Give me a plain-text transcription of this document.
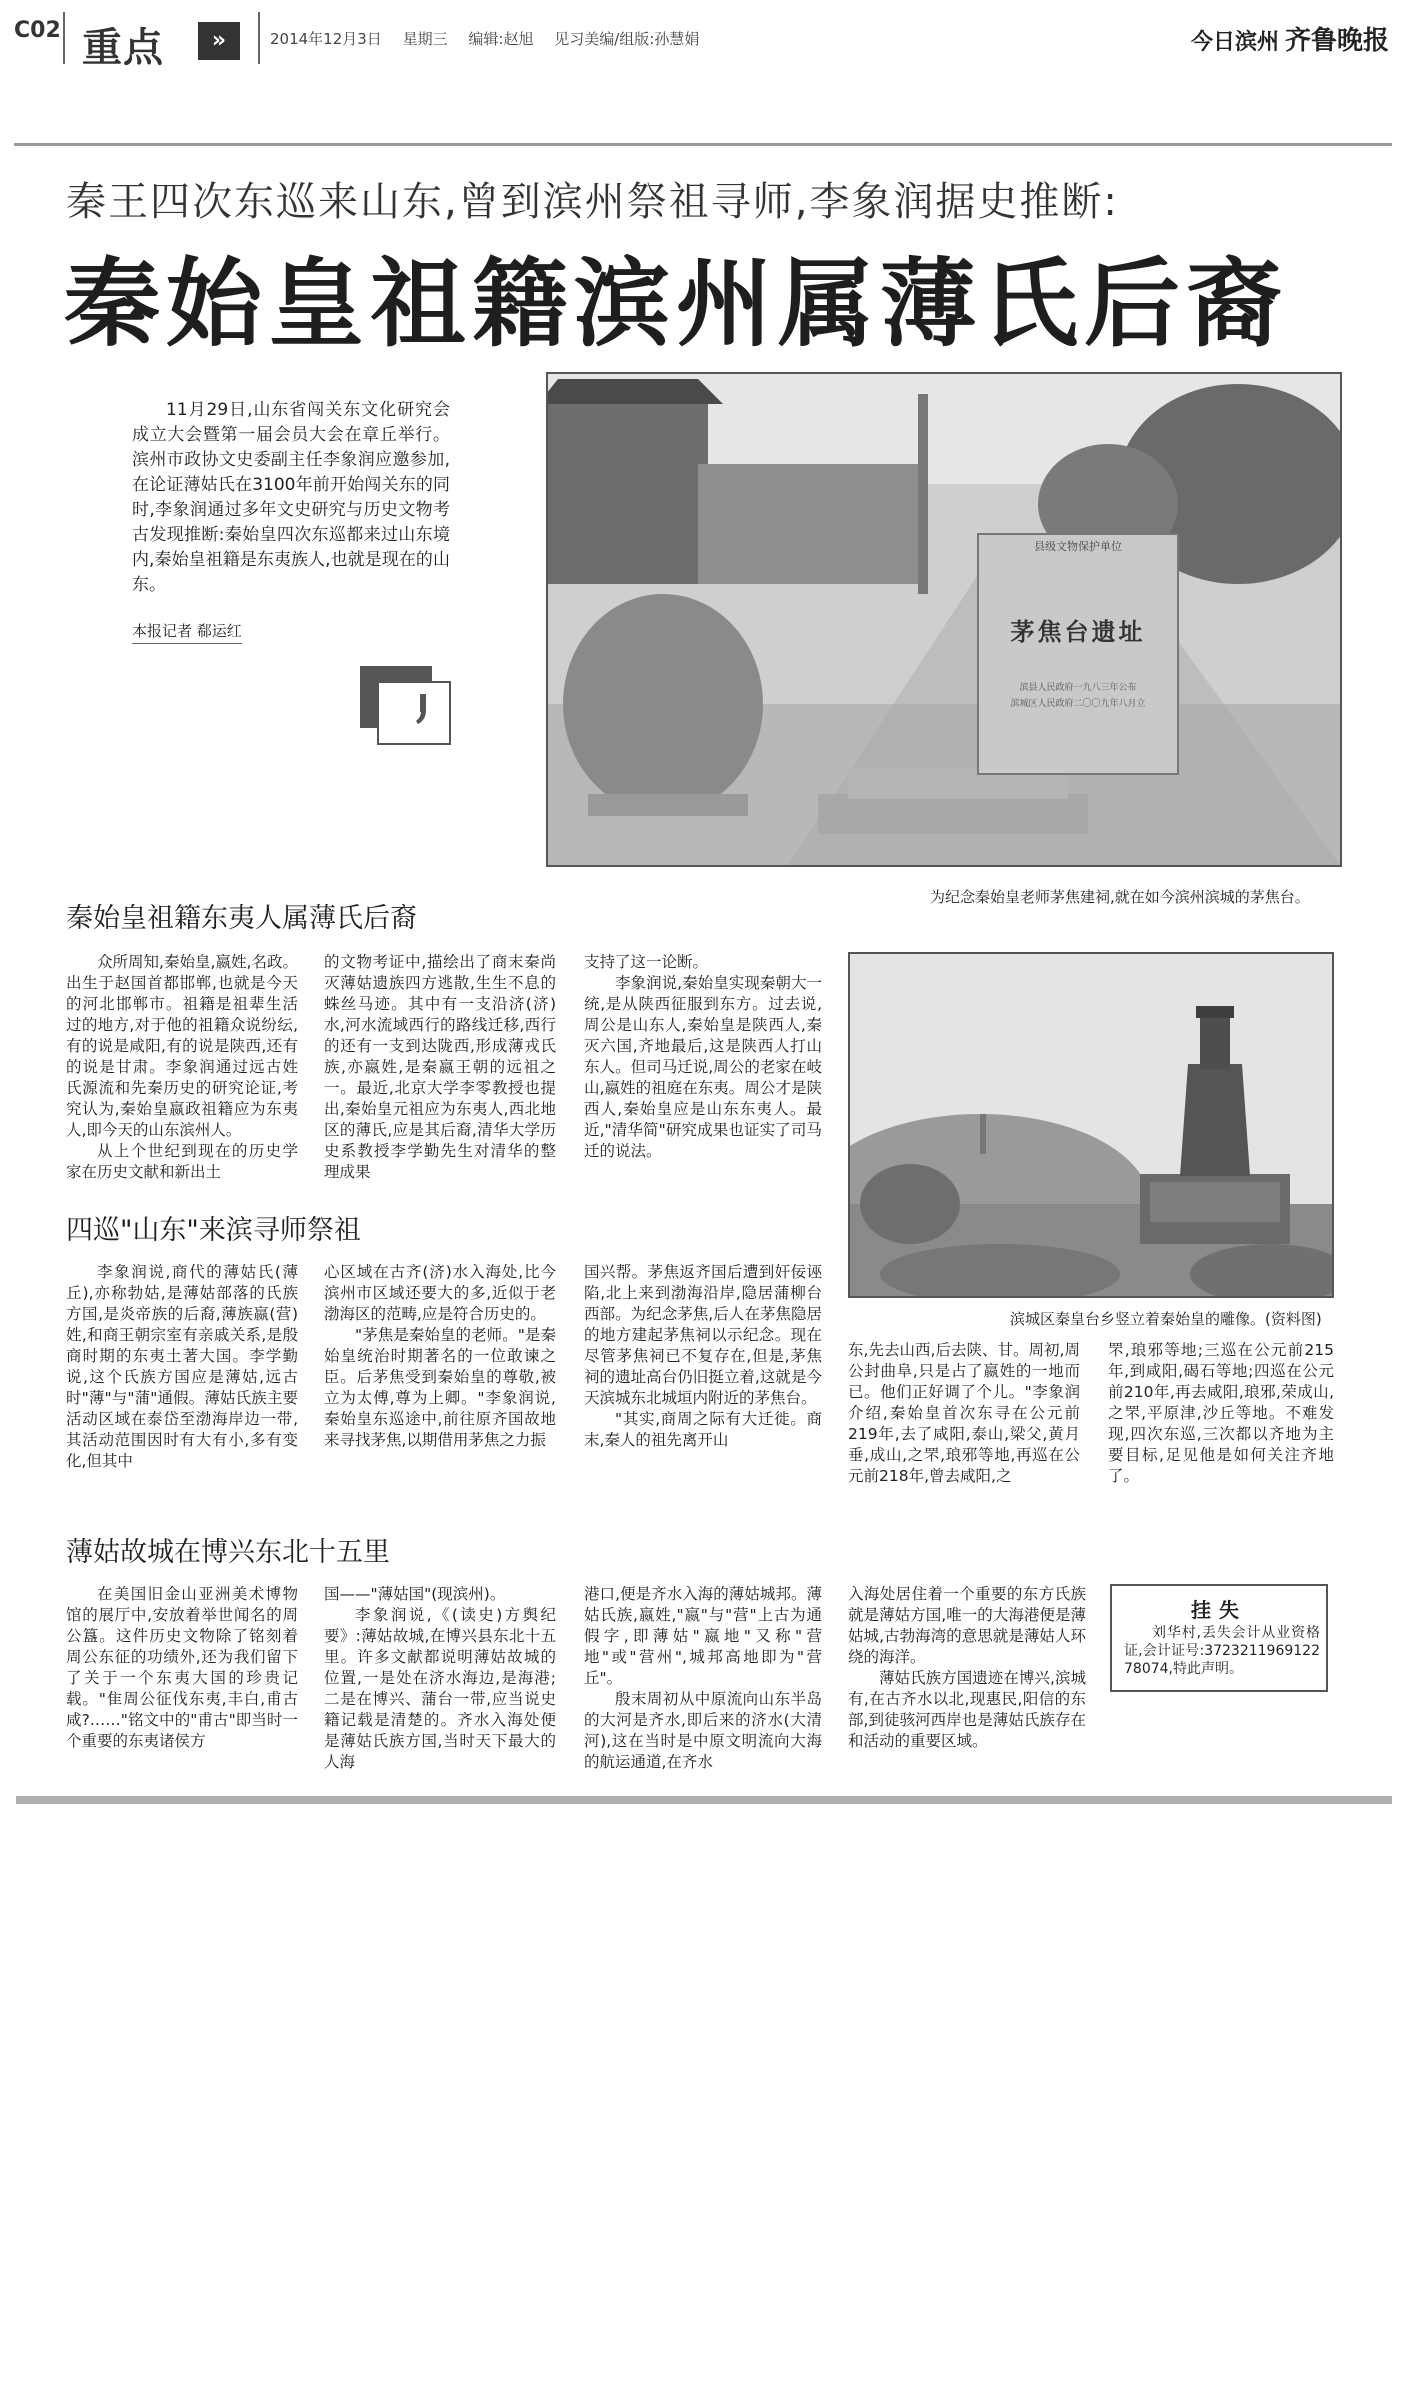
C02 重点	»	2014年12月3日 星期三 编辑:赵旭 见习美编/组版:孙慧娟	今日滨州 齐鲁晚报
秦王四次东巡来山东,曾到滨州祭祖寻师,李象润据史推断:
秦始皇祖籍滨州属薄氏后裔
11月29日,山东省闯关东文化研究会成立大会暨第一届会员大会在章丘举行。滨州市政协文史委副主任李象润应邀参加,在论证薄姑氏在3100年前开始闯关东的同时,李象润通过多年文史研究与历史文物考古发现推断:秦始皇四次东巡都来过山东境内,秦始皇祖籍是东夷族人,也就是现在的山东。
本报记者 郗运红
县级文物保护单位
茅焦台遗址
滨县人民政府一九八三年公布
滨城区人民政府二〇〇九年八月立
为纪念秦始皇老师茅焦建祠,就在如今滨州滨城的茅焦台。
秦始皇祖籍东夷人属薄氏后裔

众所周知,秦始皇,嬴姓,名政。出生于赵国首都邯郸,也就是今天的河北邯郸市。祖籍是祖辈生活过的地方,对于他的祖籍众说纷纭,有的说是咸阳,有的说是陕西,还有的说是甘肃。李象润通过远古姓氏源流和先秦历史的研究论证,考究认为,秦始皇嬴政祖籍应为东夷人,即今天的山东滨州人。

从上个世纪到现在的历史学家在历史文献和新出土

的文物考证中,描绘出了商末秦尚灭薄姑遗族四方逃散,生生不息的蛛丝马迹。其中有一支沿济(济)水,河水流域西行的路线迁移,西行的还有一支到达陇西,形成薄戎氏族,亦嬴姓,是秦嬴王朝的远祖之一。最近,北京大学李零教授也提出,秦始皇元祖应为东夷人,西北地区的薄氏,应是其后裔,清华大学历史系教授李学勤先生对清华的整理成果

支持了这一论断。

李象润说,秦始皇实现秦朝大一统,是从陕西征服到东方。过去说,周公是山东人,秦始皇是陕西人,秦灭六国,齐地最后,这是陕西人打山东人。但司马迁说,周公的老家在岐山,嬴姓的祖庭在东夷。周公才是陕西人,秦始皇应是山东东夷人。最近,"清华简"研究成果也证实了司马迁的说法。

滨城区秦皇台乡竖立着秦始皇的雕像。(资料图)
四巡"山东"来滨寻师祭祖

李象润说,商代的薄姑氏(薄丘),亦称勃姑,是薄姑部落的氏族方国,是炎帝族的后裔,薄族嬴(营)姓,和商王朝宗室有亲戚关系,是殷商时期的东夷土著大国。李学勤说,这个氏族方国应是薄姑,远古时"薄"与"蒲"通假。薄姑氏族主要活动区域在泰岱至渤海岸边一带,其活动范围因时有大有小,多有变化,但其中

心区域在古齐(济)水入海处,比今滨州市区域还要大的多,近似于老渤海区的范畴,应是符合历史的。

"茅焦是秦始皇的老师。"是秦始皇统治时期著名的一位敢谏之臣。后茅焦受到秦始皇的尊敬,被立为太傅,尊为上卿。"李象润说,秦始皇东巡途中,前往原齐国故地来寻找茅焦,以期借用茅焦之力振

国兴帮。茅焦返齐国后遭到奸佞诬陷,北上来到渤海沿岸,隐居蒲柳台西部。为纪念茅焦,后人在茅焦隐居的地方建起茅焦祠以示纪念。现在尽管茅焦祠已不复存在,但是,茅焦祠的遗址高台仍旧挺立着,这就是今天滨城东北城垣内附近的茅焦台。

"其实,商周之际有大迁徙。商末,秦人的祖先离开山

东,先去山西,后去陕、甘。周初,周公封曲阜,只是占了嬴姓的一地而已。他们正好调了个儿。"李象润介绍,秦始皇首次东寻在公元前219年,去了咸阳,泰山,梁父,黄月垂,成山,之罘,琅邪等地,再巡在公元前218年,曾去咸阳,之

罘,琅邪等地;三巡在公元前215年,到咸阳,碣石等地;四巡在公元前210年,再去咸阳,琅邪,荣成山,之罘,平原津,沙丘等地。不难发现,四次东巡,三次都以齐地为主要目标,足见他是如何关注齐地了。

薄姑故城在博兴东北十五里

在美国旧金山亚洲美术博物馆的展厅中,安放着举世闻名的周公簋。这件历史文物除了铭刻着周公东征的功绩外,还为我们留下了关于一个东夷大国的珍贵记载。"隹周公征伐东夷,丰白,甫古咸?……"铭文中的"甫古"即当时一个重要的东夷诸侯方

国——"薄姑国"(现滨州)。

李象润说,《(读史)方舆纪要》:薄姑故城,在博兴县东北十五里。许多文献都说明薄姑故城的位置,一是处在济水海边,是海港;二是在博兴、蒲台一带,应当说史籍记载是清楚的。齐水入海处便是薄姑氏族方国,当时天下最大的人海

港口,便是齐水入海的薄姑城邦。薄姑氏族,嬴姓,"嬴"与"营"上古为通假字,即薄姑"嬴地"又称"营地"或"营州",城邦高地即为"营丘"。

殷末周初从中原流向山东半岛的大河是齐水,即后来的济水(大清河),这在当时是中原文明流向大海的航运通道,在齐水

入海处居住着一个重要的东方氏族就是薄姑方国,唯一的大海港便是薄姑城,古勃海湾的意思就是薄姑人环绕的海洋。

薄姑氏族方国遗迹在博兴,滨城有,在古齐水以北,现惠民,阳信的东部,到徒骇河西岸也是薄姑氏族存在和活动的重要区域。

挂失
刘华村,丢失会计从业资格证,会计证号:372321196912278074,特此声明。
